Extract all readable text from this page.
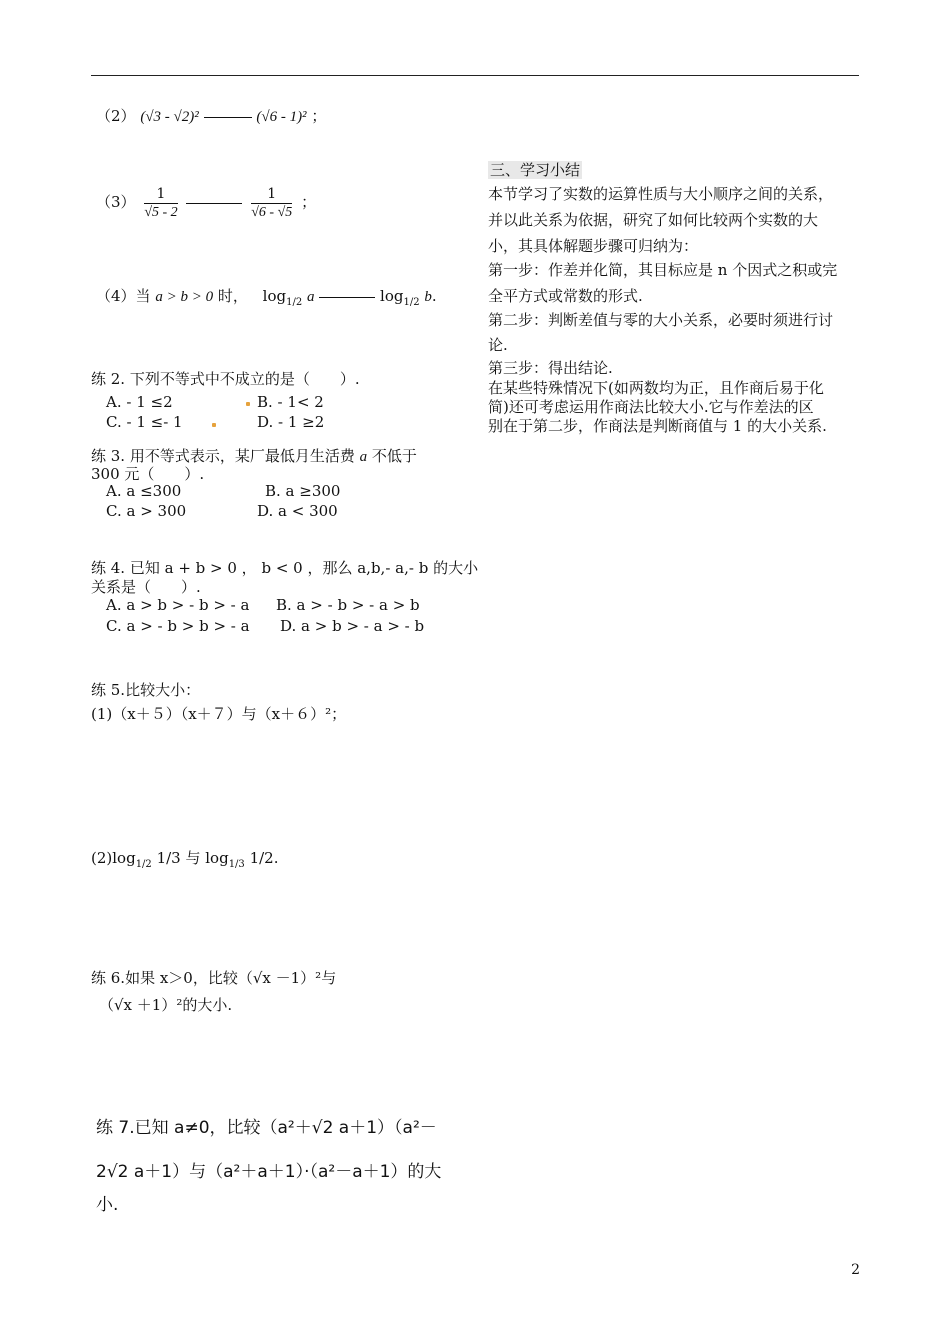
（2） (√3 - √2)²	(√6 - 1)² ；
$(3) \frac{1}{√5 - 2}$
	$\frac{1}{√6 - √5}$ ；
（4）当 a > b > 0 时， $\log_{1/2} a$	$\log_{1/2} b$.
练 2. 下列不等式中不成立的是（　　）.
A. - 1 ≤2	B. - 1< 2
C. - 1 ≤- 1	D. - 1 ≥2
练 3. 用不等式表示，某厂最低月生活费 a 不低于
300 元（　　）.
A. a ≤300	B. a ≥300
C. a > 300	D. a < 300
练 4. 已知 a + b > 0 ， b < 0 ，那么 a,b,- a,- b 的大小
关系是（　　）.
A. a > b > - b > - a B. a > - b > - a > b
C. a > - b > b > - a D. a > b > - a > - b
练 5.比较大小：
(1)（x＋５）（x＋７）与（x＋６）²；
$(2)\log_{1/2}$ 1/3 与 $\log_{1/3} 1/2$.
练 6.如果 x＞0，比较（√x －1）²与
（√x ＋1）²的大小.
练 7.已知 a≠0，比较（a²＋√2 a＋1）（a²－
2√2 a＋1）与（a²＋a＋1）·（a²－a＋1）的大
小.
三、学习小结
本节学习了实数的运算性质与大小顺序之间的关系，
并以此关系为依据，研究了如何比较两个实数的大
小，其具体解题步骤可归纳为：
第一步：作差并化简，其目标应是 n 个因式之积或完
全平方式或常数的形式.
第二步：判断差值与零的大小关系，必要时须进行讨
论.
第三步：得出结论.
在某些特殊情况下(如两数均为正，且作商后易于化
简)还可考虑运用作商法比较大小.它与作差法的区
别在于第二步，作商法是判断商值与 1 的大小关系.
2
